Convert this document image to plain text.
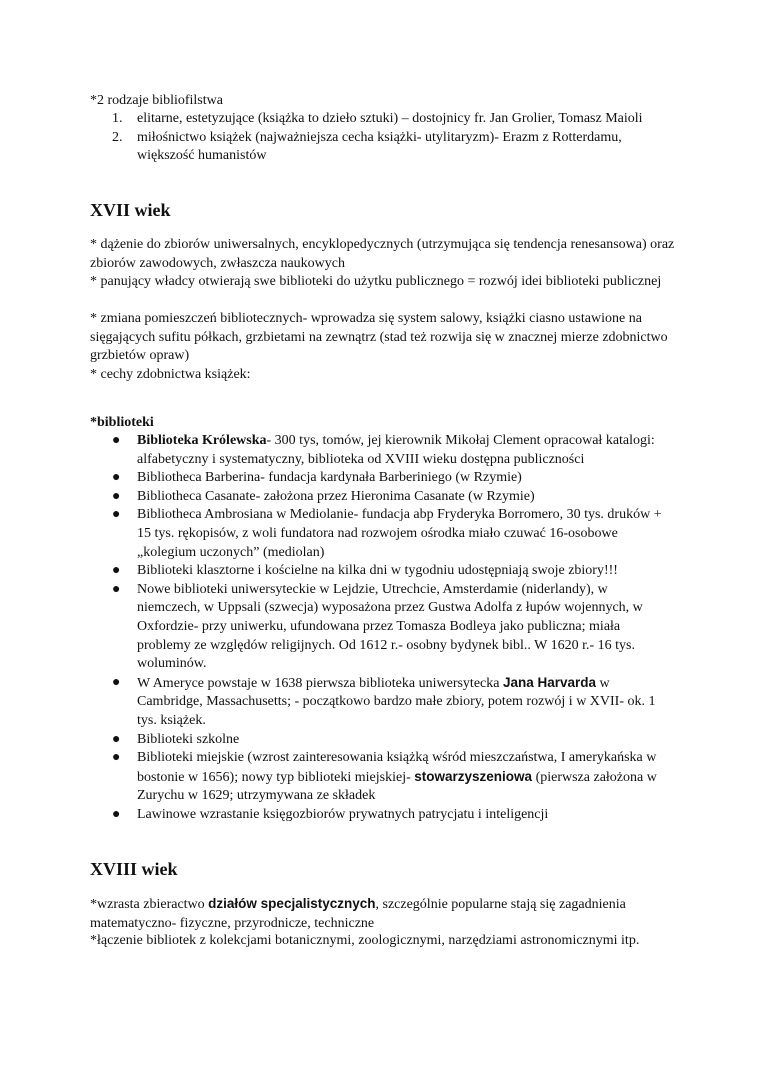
*2 rodzaje bibliofilstwa

1. elitarne, estetyzujące (książka to dzieło sztuki) – dostojnicy fr. Jan Grolier, Tomasz Maioli
2. miłośnictwo książek (najważniejsza cecha książki- utylitaryzm)- Erazm z Rotterdamu, większość humanistów
XVII wiek

* dążenie do zbiorów uniwersalnych, encyklopedycznych (utrzymująca się tendencja renesansowa) oraz zbiorów zawodowych, zwłaszcza naukowych

* panujący władcy otwierają swe biblioteki do użytku publicznego = rozwój idei biblioteki publicznej

* zmiana pomieszczeń bibliotecznych- wprowadza się system salowy, książki ciasno ustawione na sięgających sufitu półkach, grzbietami na zewnątrz (stad też rozwija się w znacznej mierze zdobnictwo grzbietów opraw)

* cechy zdobnictwa książek:

*biblioteki

● Biblioteka Królewska- 300 tys, tomów, jej kierownik Mikołaj Clement opracował katalogi: alfabetyczny i systematyczny, biblioteka od XVIII wieku dostępna publiczności
● Bibliotheca Barberina- fundacja kardynała Barberiniego (w Rzymie)
● Bibliotheca Casanate- założona przez Hieronima Casanate (w Rzymie)
● Bibliotheca Ambrosiana w Mediolanie- fundacja abp Fryderyka Borromero, 30 tys. druków + 15 tys. rękopisów, z woli fundatora nad rozwojem ośrodka miało czuwać 16-osobowe „kolegium uczonych” (mediolan)
● Biblioteki klasztorne i kościelne na kilka dni w tygodniu udostępniają swoje zbiory!!!
● Nowe biblioteki uniwersyteckie w Lejdzie, Utrechcie, Amsterdamie (niderlandy), w niemczech, w Uppsali (szwecja) wyposażona przez Gustwa Adolfa z łupów wojennych, w Oxfordzie- przy uniwerku, ufundowana przez Tomasza Bodleya jako publiczna; miała problemy ze względów religijnych. Od 1612 r.- osobny bydynek bibl.. W 1620 r.- 16 tys. woluminów.
● W Ameryce powstaje w 1638 pierwsza biblioteka uniwersytecka Jana Harvarda w Cambridge, Massachusetts; - początkowo bardzo małe zbiory, potem rozwój i w XVII- ok. 1 tys. książek.
● Biblioteki szkolne
● Biblioteki miejskie (wzrost zainteresowania książką wśród mieszczaństwa, I amerykańska w bostonie w 1656); nowy typ biblioteki miejskiej- stowarzyszeniowa (pierwsza założona w Zurychu w 1629; utrzymywana ze składek
● Lawinowe wzrastanie księgozbiorów prywatnych patrycjatu i inteligencji
XVIII wiek

*wzrasta zbieractwo działów specjalistycznych, szczególnie popularne stają się zagadnienia matematyczno- fizyczne, przyrodnicze, techniczne

*łączenie bibliotek z kolekcjami botanicznymi, zoologicznymi, narzędziami astronomicznymi itp.
